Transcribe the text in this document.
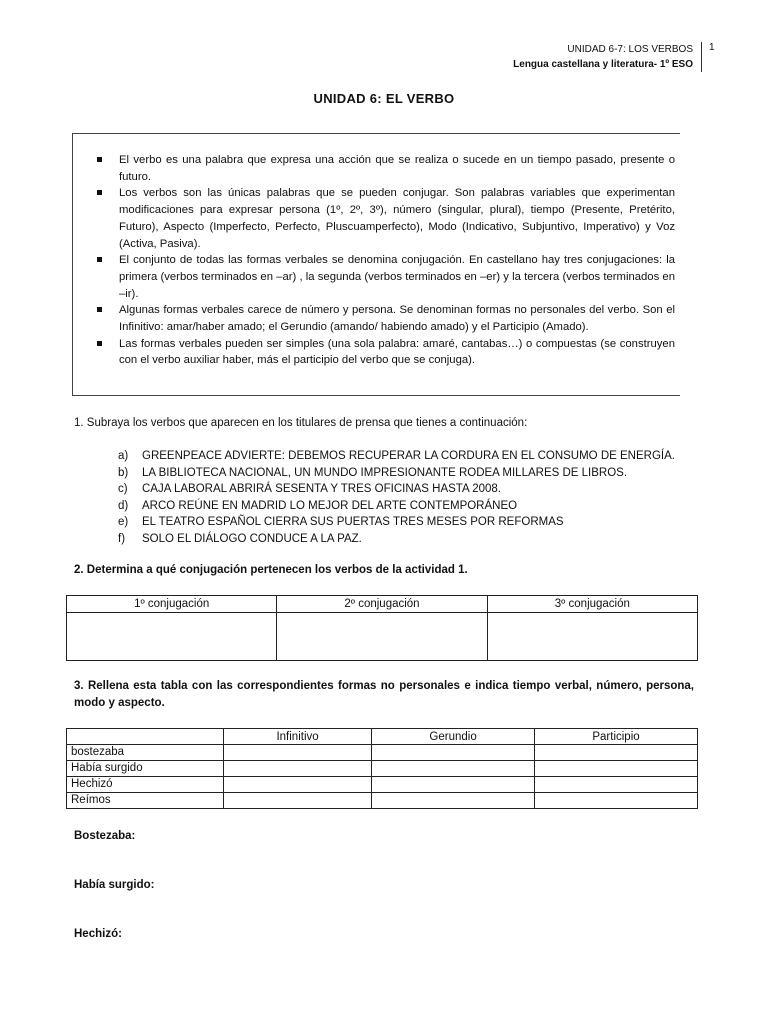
UNIDAD 6-7: LOS VERBOS
Lengua castellana y literatura- 1º ESO
1
UNIDAD 6: EL VERBO
El verbo es una palabra que expresa una acción que se realiza o sucede en un tiempo pasado, presente o futuro.
Los verbos son las únicas palabras que se pueden conjugar. Son palabras variables que experimentan modificaciones para expresar persona (1º, 2º, 3º), número (singular, plural), tiempo (Presente, Pretérito, Futuro), Aspecto (Imperfecto, Perfecto, Pluscuamperfecto), Modo (Indicativo, Subjuntivo, Imperativo) y Voz (Activa, Pasiva).
El conjunto de todas las formas verbales se denomina conjugación. En castellano hay tres conjugaciones: la primera (verbos terminados en –ar) , la segunda (verbos terminados en –er) y la tercera (verbos terminados en –ir).
Algunas formas verbales carece de número y persona. Se denominan formas no personales del verbo. Son el Infinitivo: amar/haber amado; el Gerundio (amando/ habiendo amado) y el Participio (Amado).
Las formas verbales pueden ser simples (una sola palabra: amaré, cantabas…) o compuestas (se construyen con el verbo auxiliar haber, más el participio del verbo que se conjuga).
1. Subraya los verbos que aparecen en los titulares de prensa que tienes a continuación:
a) GREENPEACE ADVIERTE: DEBEMOS RECUPERAR LA CORDURA EN EL CONSUMO DE ENERGÍA.
b) LA BIBLIOTECA NACIONAL, UN MUNDO IMPRESIONANTE RODEA MILLARES DE LIBROS.
c) CAJA LABORAL ABRIRÁ SESENTA Y TRES OFICINAS HASTA 2008.
d) ARCO REÚNE EN MADRID LO MEJOR DEL ARTE CONTEMPORÁNEO
e) EL TEATRO ESPAÑOL CIERRA SUS PUERTAS TRES MESES POR REFORMAS
f) SOLO EL DIÁLOGO CONDUCE A LA PAZ.
2. Determina a qué conjugación pertenecen los verbos de la actividad 1.
1º conjugación	2º conjugación	3º conjugación

3. Rellena esta tabla con las correspondientes formas no personales e indica tiempo verbal, número, persona, modo y aspecto.
	Infinitivo	Gerundio	Participio
bostezaba			
Había surgido			
Hechizó			
Reímos			
Bostezaba:
Había surgido:
Hechizó:
